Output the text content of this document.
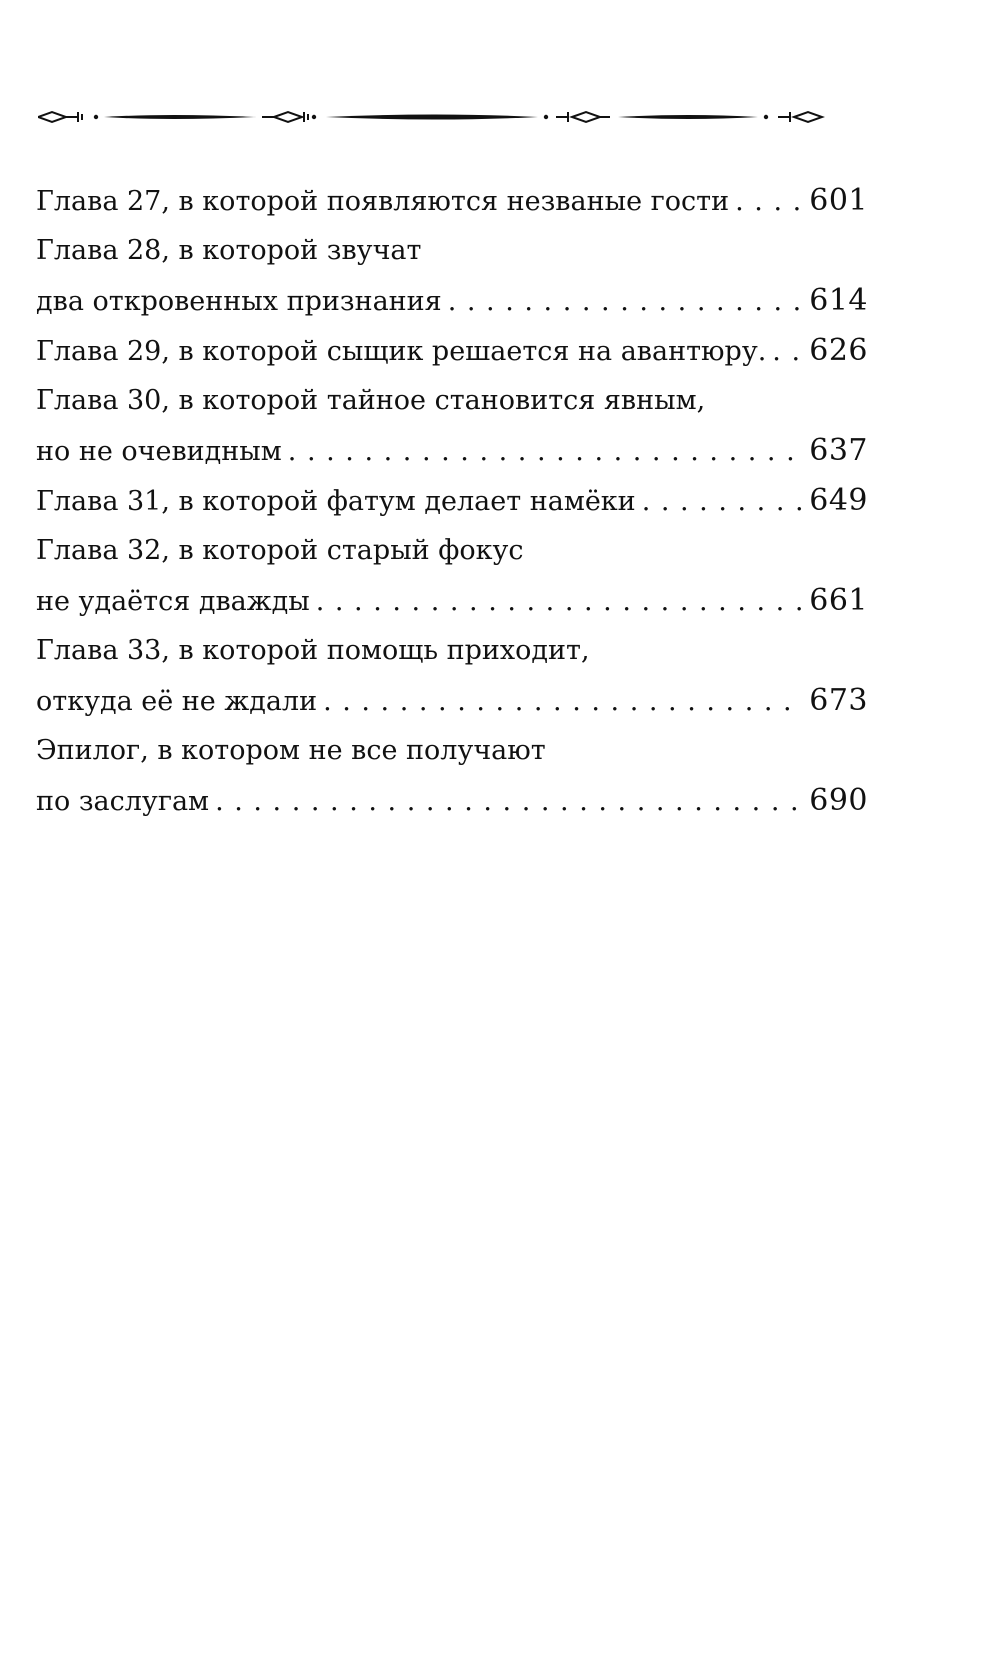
Глава 27, в которой появляются незваные гости . . .	601
Глава 28, в которой звучат
два откровенных признания . . .	614
Глава 29, в которой сыщик решается на авантюру. . . . 626
Глава 30, в которой тайное становится явным,
но не очевидным . . .	637
Глава 31, в которой фатум делает намёки . . .	649
Глава 32, в которой старый фокус
не удаётся дважды . . .	661
Глава 33, в которой помощь приходит,
откуда её не ждали . . .	673
Эпилог, в котором не все получают
по заслугам . . .	690
